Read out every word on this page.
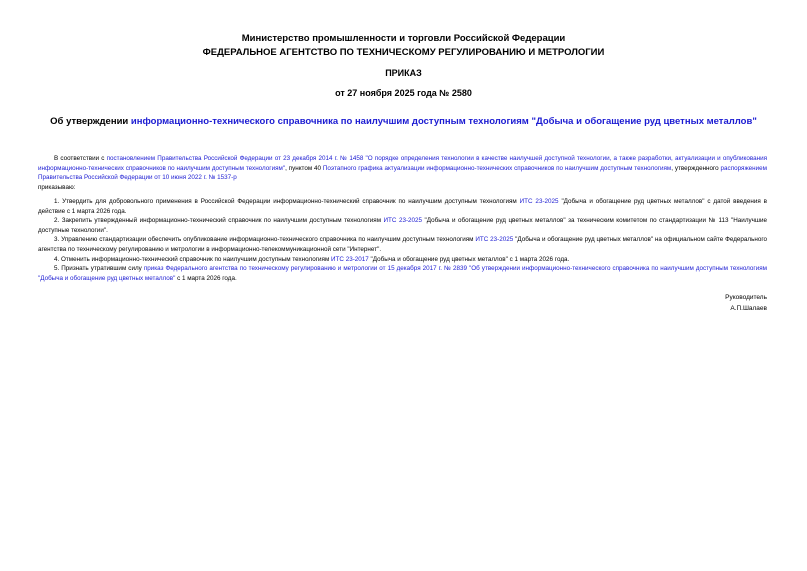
Министерство промышленности и торговли Российской Федерации
ФЕДЕРАЛЬНОЕ АГЕНТСТВО ПО ТЕХНИЧЕСКОМУ РЕГУЛИРОВАНИЮ И МЕТРОЛОГИИ
ПРИКАЗ
от 27 ноября 2025 года № 2580
Об утверждении информационно-технического справочника по наилучшим доступным технологиям "Добыча и обогащение руд цветных металлов"

В соответствии с постановлением Правительства Российской Федерации от 23 декабря 2014 г. № 1458 "О порядке определения технологии в качестве наилучшей доступной технологии, а также разработки, актуализации и опубликования информационно-технических справочников по наилучшим доступным технологиям", пунктом 40 Поэтапного графика актуализации информационно-технических справочников по наилучшим доступным технологиям, утвержденного распоряжением Правительства Российской Федерации от 10 июня 2022 г. № 1537-р

приказываю:

1. Утвердить для добровольного применения в Российской Федерации информационно-технический справочник по наилучшим доступным технологиям ИТС 23-2025 "Добыча и обогащение руд цветных металлов" с датой введения в действие с 1 марта 2026 года.

2. Закрепить утвержденный информационно-технический справочник по наилучшим доступным технологиям ИТС 23-2025 "Добыча и обогащение руд цветных металлов" за техническим комитетом по стандартизации № 113 "Наилучшие доступные технологии".

3. Управлению стандартизации обеспечить опубликование информационно-технического справочника по наилучшим доступным технологиям ИТС 23-2025 "Добыча и обогащение руд цветных металлов" на официальном сайте Федерального агентства по техническому регулированию и метрологии в информационно-телекоммуникационной сети "Интернет".

4. Отменить информационно-технический справочник по наилучшим доступным технологиям ИТС 23-2017 "Добыча и обогащение руд цветных металлов" с 1 марта 2026 года.

5. Признать утратившим силу приказ Федерального агентства по техническому регулированию и метрологии от 15 декабря 2017 г. № 2839 "Об утверждении информационно-технического справочника по наилучшим доступным технологиям "Добыча и обогащение руд цветных металлов" с 1 марта 2026 года.

Руководитель
А.П.Шалаев
